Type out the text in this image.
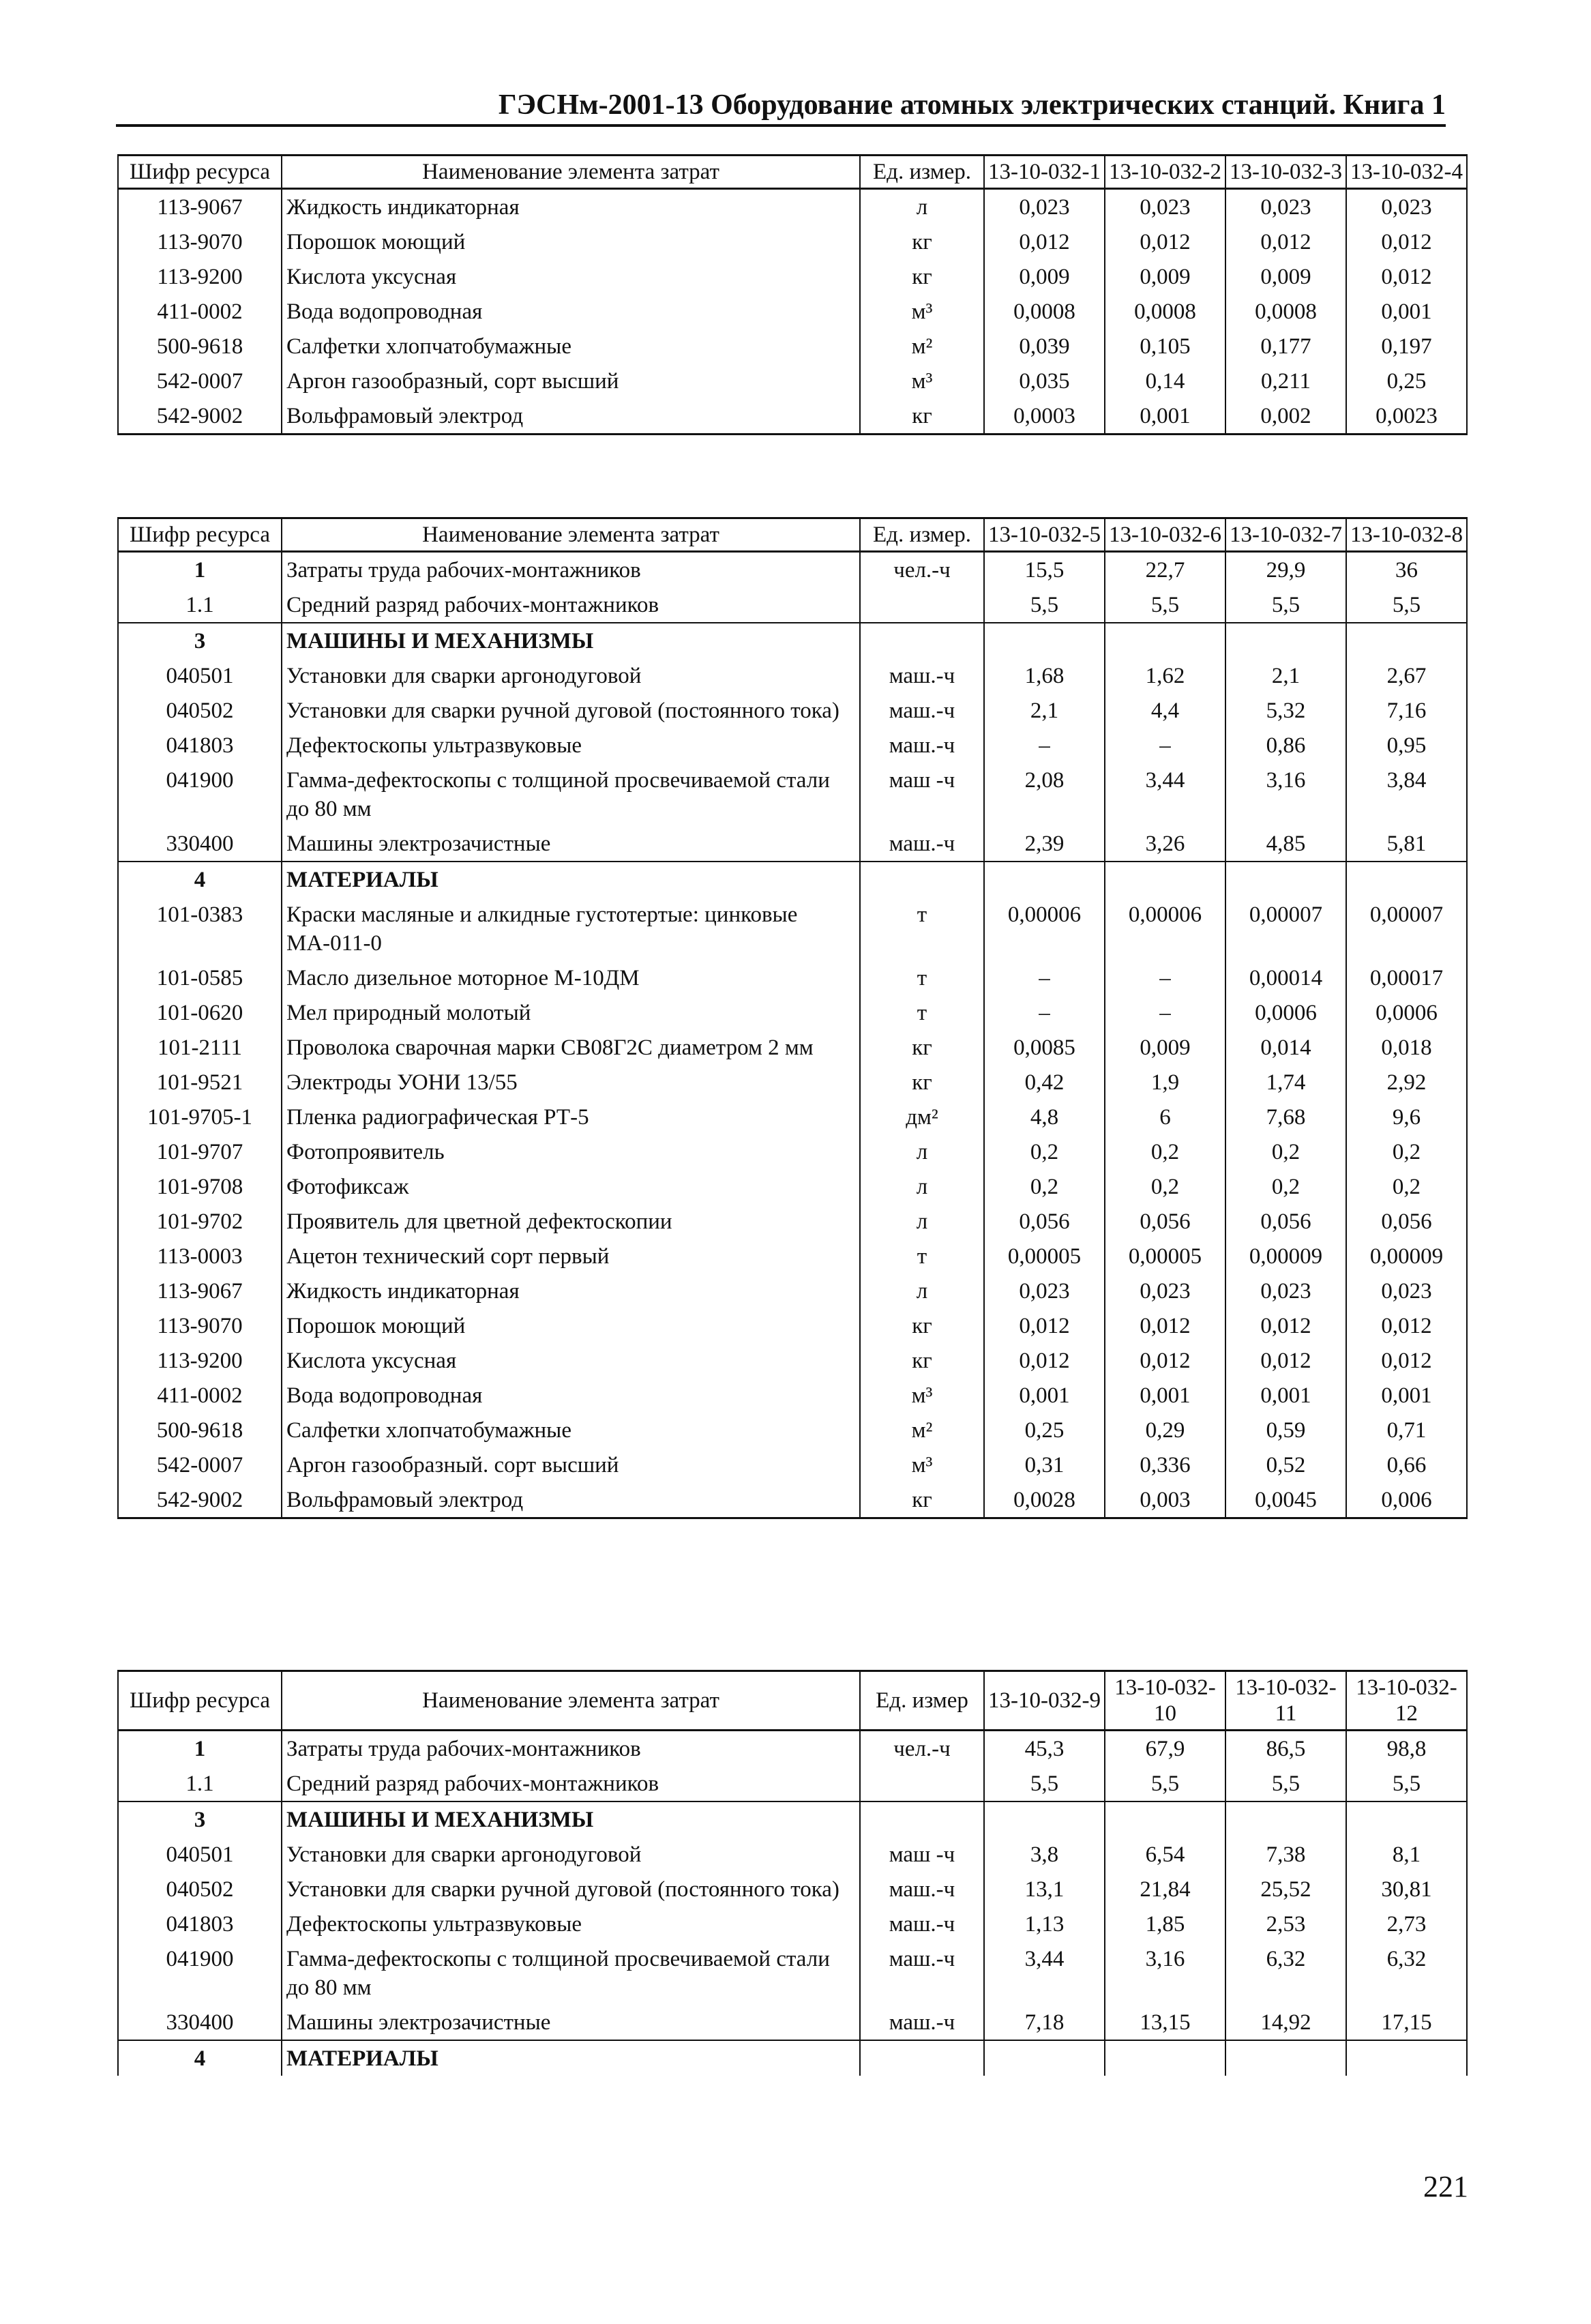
ГЭСНм-2001-13 Оборудование атомных электрических станций. Книга 1
Шифр ресурса	Наименование элемента затрат	Ед. измер.	13-10-032-1	13-10-032-2	13-10-032-3	13-10-032-4
113-9067	Жидкость индикаторная	л	0,023	0,023	0,023	0,023
113-9070	Порошок моющий	кг	0,012	0,012	0,012	0,012
113-9200	Кислота уксусная	кг	0,009	0,009	0,009	0,012
411-0002	Вода водопроводная	м³	0,0008	0,0008	0,0008	0,001
500-9618	Салфетки хлопчатобумажные	м²	0,039	0,105	0,177	0,197
542-0007	Аргон газообразный, сорт высший	м³	0,035	0,14	0,211	0,25
542-9002	Вольфрамовый электрод	кг	0,0003	0,001	0,002	0,0023
Шифр ресурса	Наименование элемента затрат	Ед. измер.	13-10-032-5	13-10-032-6	13-10-032-7	13-10-032-8
1	Затраты труда рабочих-монтажников	чел.-ч	15,5	22,7	29,9	36
1.1	Средний разряд рабочих-монтажников		5,5	5,5	5,5	5,5
3	МАШИНЫ И МЕХАНИЗМЫ					
040501	Установки для сварки аргонодуговой	маш.-ч	1,68	1,62	2,1	2,67
040502	Установки для сварки ручной дуговой (постоянного тока)	маш.-ч	2,1	4,4	5,32	7,16
041803	Дефектоскопы ультразвуковые	маш.-ч	–	–	0,86	0,95
041900	Гамма-дефектоскопы с толщиной просвечиваемой стали до 80 мм	маш -ч	2,08	3,44	3,16	3,84
330400	Машины электрозачистные	маш.-ч	2,39	3,26	4,85	5,81
4	МАТЕРИАЛЫ					
101-0383	Краски масляные и алкидные густотертые: цинковые МА-011-0	т	0,00006	0,00006	0,00007	0,00007
101-0585	Масло дизельное моторное М-10ДМ	т	–	–	0,00014	0,00017
101-0620	Мел природный молотый	т	–	–	0,0006	0,0006
101-2111	Проволока сварочная марки СВ08Г2С диаметром 2 мм	кг	0,0085	0,009	0,014	0,018
101-9521	Электроды УОНИ 13/55	кг	0,42	1,9	1,74	2,92
101-9705-1	Пленка радиографическая РТ-5	дм²	4,8	6	7,68	9,6
101-9707	Фотопроявитель	л	0,2	0,2	0,2	0,2
101-9708	Фотофиксаж	л	0,2	0,2	0,2	0,2
101-9702	Проявитель для цветной дефектоскопии	л	0,056	0,056	0,056	0,056
113-0003	Ацетон технический сорт первый	т	0,00005	0,00005	0,00009	0,00009
113-9067	Жидкость индикаторная	л	0,023	0,023	0,023	0,023
113-9070	Порошок моющий	кг	0,012	0,012	0,012	0,012
113-9200	Кислота уксусная	кг	0,012	0,012	0,012	0,012
411-0002	Вода водопроводная	м³	0,001	0,001	0,001	0,001
500-9618	Салфетки хлопчатобумажные	м²	0,25	0,29	0,59	0,71
542-0007	Аргон газообразный. сорт высший	м³	0,31	0,336	0,52	0,66
542-9002	Вольфрамовый электрод	кг	0,0028	0,003	0,0045	0,006
Шифр ресурса	Наименование элемента затрат	Ед. измер	13-10-032-9	13-10-032-10	13-10-032-11	13-10-032-12
1	Затраты труда рабочих-монтажников	чел.-ч	45,3	67,9	86,5	98,8
1.1	Средний разряд рабочих-монтажников		5,5	5,5	5,5	5,5
3	МАШИНЫ И МЕХАНИЗМЫ					
040501	Установки для сварки аргонодуговой	маш -ч	3,8	6,54	7,38	8,1
040502	Установки для сварки ручной дуговой (постоянного тока)	маш.-ч	13,1	21,84	25,52	30,81
041803	Дефектоскопы ультразвуковые	маш.-ч	1,13	1,85	2,53	2,73
041900	Гамма-дефектоскопы с толщиной просвечиваемой стали до 80 мм	маш.-ч	3,44	3,16	6,32	6,32
330400	Машины электрозачистные	маш.-ч	7,18	13,15	14,92	17,15
4	МАТЕРИАЛЫ					
221
